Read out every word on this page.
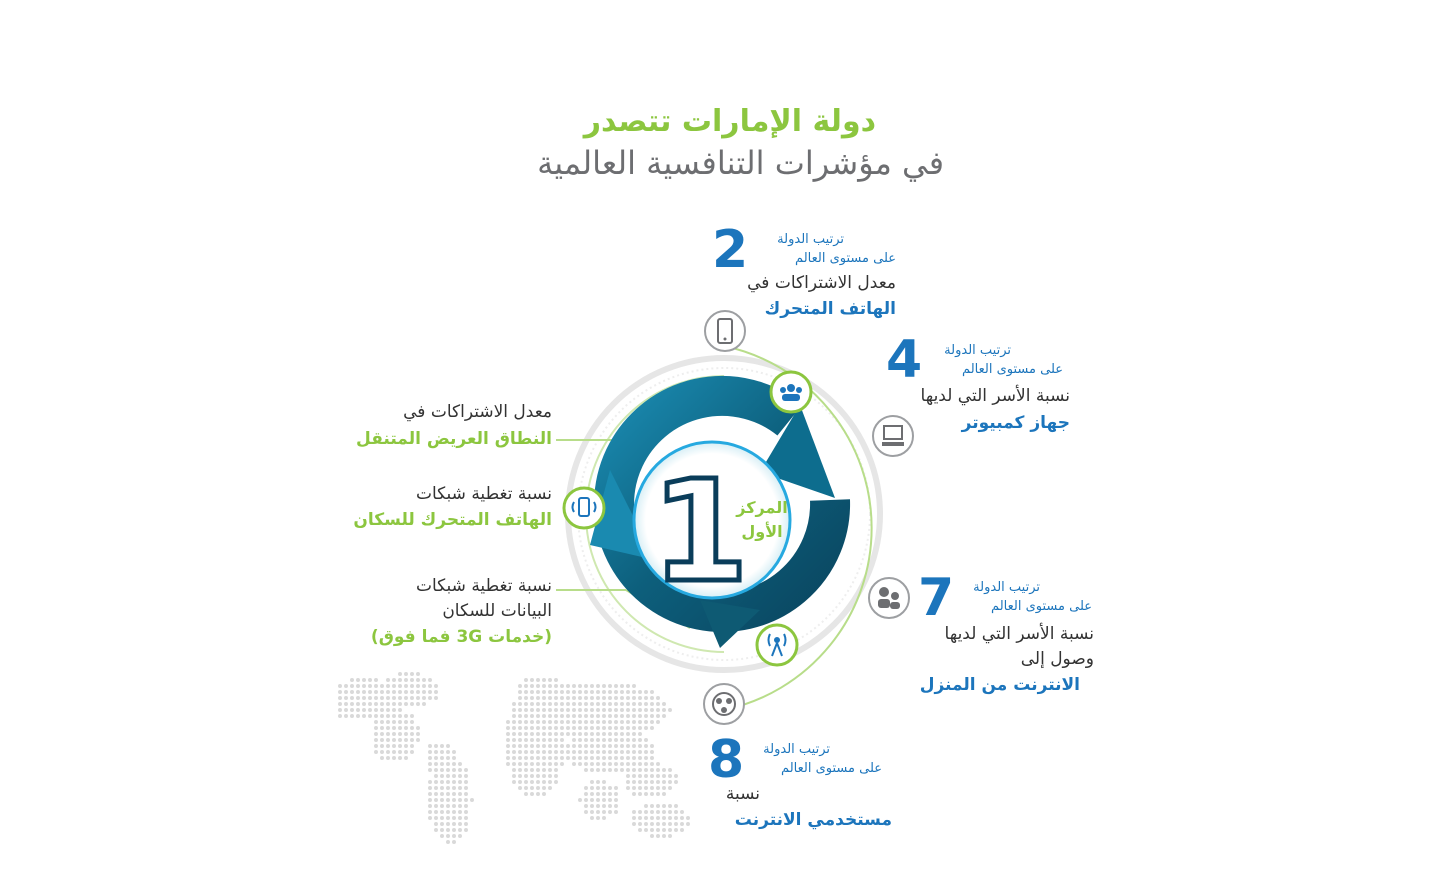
دولة الإمارات تتصدر
في مؤشرات التنافسية العالمية
1
المركز
الأول
2	ترتيب الدولة
على مستوى العالم
معدل الاشتراكات في
الهاتف المتحرك
4	ترتيب الدولة
على مستوى العالم
نسبة الأسر التي لديها
جهاز كمبيوتر
7	ترتيب الدولة
على مستوى العالم
نسبة الأسر التي لديها
وصول إلى
الانترنت من المنزل
8	ترتيب الدولة
على مستوى العالم
نسبة
مستخدمي الانترنت
معدل الاشتراكات في
النطاق العريض المتنقل
نسبة تغطية شبكات
الهاتف المتحرك للسكان
نسبة تغطية شبكات
البيانات للسكان
(خدمات 3G فما فوق)
